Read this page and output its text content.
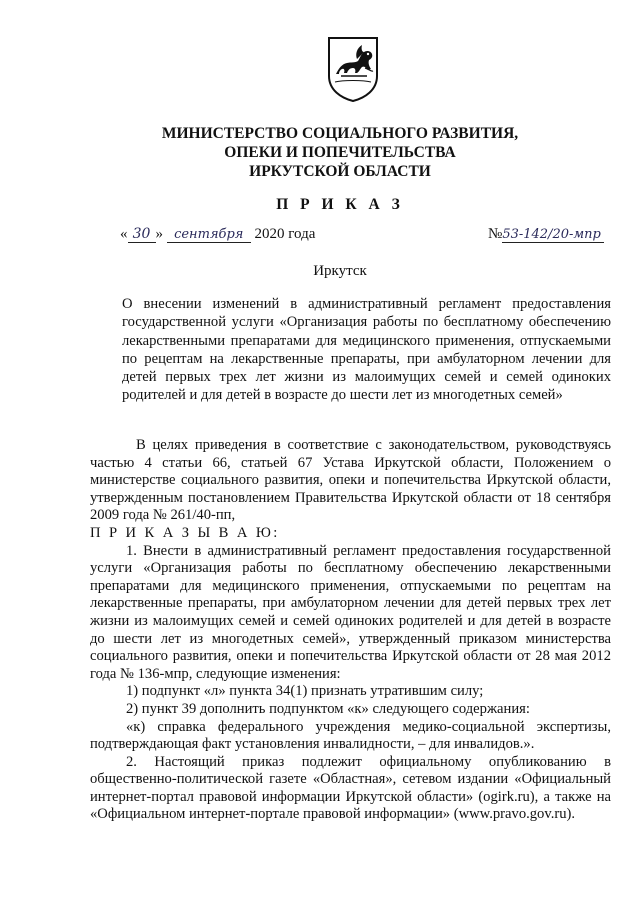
МИНИСТЕРСТВО СОЦИАЛЬНОГО РАЗВИТИЯ,
ОПЕКИ И ПОПЕЧИТЕЛЬСТВА
ИРКУТСКОЙ ОБЛАСТИ
П Р И К А З
« 30 » сентября 2020 года	№53-142/20-мпр
Иркутск
О внесении изменений в административный регламент предоставления государственной услуги «Организация работы по бесплатному обеспечению лекарственными препаратами для медицинского применения, отпускаемыми по рецептам на лекарственные препараты, при амбулаторном лечении для детей первых трех лет жизни из малоимущих семей и семей одиноких родителей и для детей в возрасте до шести лет из многодетных семей»

В целях приведения в соответствие с законодательством, руководствуясь частью 4 статьи 66, статьей 67 Устава Иркутской области, Положением о министерстве социального развития, опеки и попечительства Иркутской области, утвержденным постановлением Правительства Иркутской области от 18 сентября 2009 года № 261/40-пп,

П Р И К А З Ы В А Ю:

1. Внести в административный регламент предоставления государственной услуги «Организация работы по бесплатному обеспечению лекарственными препаратами для медицинского применения, отпускаемыми по рецептам на лекарственные препараты, при амбулаторном лечении для детей первых трех лет жизни из малоимущих семей и семей одиноких родителей и для детей в возрасте до шести лет из многодетных семей», утвержденный приказом министерства социального развития, опеки и попечительства Иркутской области от 28 мая 2012 года № 136-мпр, следующие изменения:

1) подпункт «л» пункта 34(1) признать утратившим силу;

2) пункт 39 дополнить подпунктом «к» следующего содержания:

«к) справка федерального учреждения медико-социальной экспертизы, подтверждающая факт установления инвалидности, – для инвалидов.».

2. Настоящий приказ подлежит официальному опубликованию в общественно-политической газете «Областная», сетевом издании «Официальный интернет-портал правовой информации Иркутской области» (ogirk.ru), а также на «Официальном интернет-портале правовой информации» (www.pravo.gov.ru).
